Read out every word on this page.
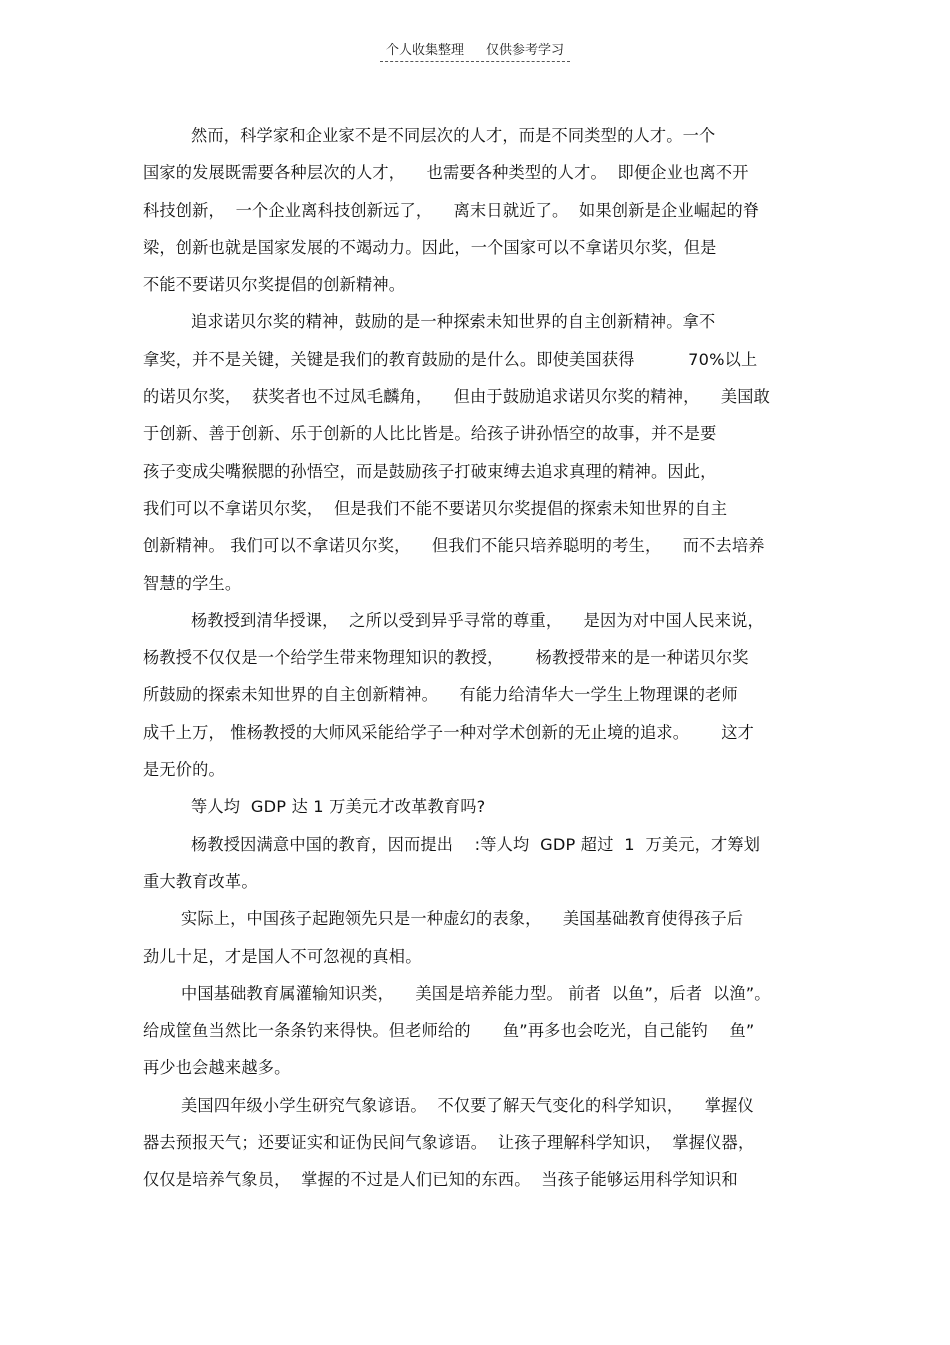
个人收集整理 仅供参考学习
然而，科学家和企业家不是不同层次的人才，而是不同类型的人才。一个
国家的发展既需要各种层次的人才，    也需要各种类型的人才。  即便企业也离不开
科技创新，  一个企业离科技创新远了，    离末日就近了。  如果创新是企业崛起的脊
梁，创新也就是国家发展的不竭动力。因此，一个国家可以不拿诺贝尔奖，但是
不能不要诺贝尔奖提倡的创新精神。
追求诺贝尔奖的精神，鼓励的是一种探索未知世界的自主创新精神。拿不
拿奖，并不是关键，关键是我们的教育鼓励的是什么。即使美国获得          70%以上
的诺贝尔奖，  获奖者也不过凤毛麟角，    但由于鼓励追求诺贝尔奖的精神，    美国敢
于创新、善于创新、乐于创新的人比比皆是。给孩子讲孙悟空的故事，并不是要
孩子变成尖嘴猴腮的孙悟空，而是鼓励孩子打破束缚去追求真理的精神。因此，
我们可以不拿诺贝尔奖，  但是我们不能不要诺贝尔奖提倡的探索未知世界的自主
创新精神。 我们可以不拿诺贝尔奖，    但我们不能只培养聪明的考生，    而不去培养
智慧的学生。
杨教授到清华授课，  之所以受到异乎寻常的尊重，    是因为对中国人民来说，
杨教授不仅仅是一个给学生带来物理知识的教授，      杨教授带来的是一种诺贝尔奖
所鼓励的探索未知世界的自主创新精神。    有能力给清华大一学生上物理课的老师
成千上万， 惟杨教授的大师风采能给学子一种对学术创新的无止境的追求。      这才
是无价的。
等人均  GDP 达 1 万美元才改革教育吗?
杨教授因满意中国的教育，因而提出    :等人均  GDP 超过  1  万美元，才筹划
重大教育改革。
实际上，中国孩子起跑领先只是一种虚幻的表象，    美国基础教育使得孩子后
劲儿十足，才是国人不可忽视的真相。
中国基础教育属灌输知识类，    美国是培养能力型。 前者  以鱼”，后者  以渔”。
给成筐鱼当然比一条条钓来得快。但老师给的      鱼”再多也会吃光，自己能钓    鱼”
再少也会越来越多。
美国四年级小学生研究气象谚语。  不仅要了解天气变化的科学知识，    掌握仪
器去预报天气；还要证实和证伪民间气象谚语。  让孩子理解科学知识，  掌握仪器，
仅仅是培养气象员，  掌握的不过是人们已知的东西。  当孩子能够运用科学知识和
